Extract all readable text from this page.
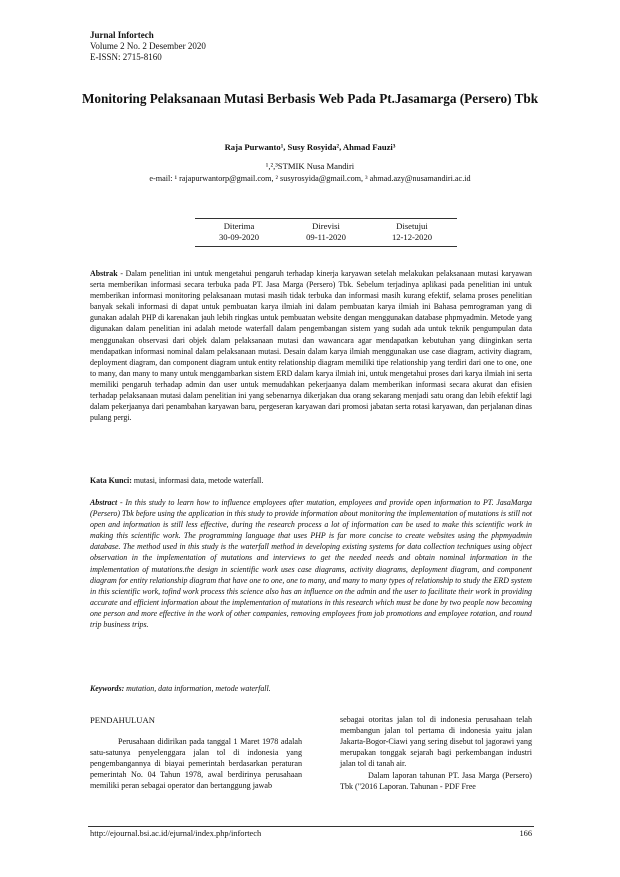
Jurnal Infortech
Volume 2 No. 2 Desember 2020
E-ISSN: 2715-8160
Monitoring Pelaksanaan Mutasi Berbasis Web Pada Pt.Jasamarga (Persero) Tbk
Raja Purwanto¹, Susy Rosyida², Ahmad Fauzi³
¹,²,³STMIK Nusa Mandiri
e-mail: ¹ rajapurwantorp@gmail.com, ² susyrosyida@gmail.com, ³ ahmad.azy@nusamandiri.ac.id
Diterima
30-09-2020
Direvisi
09-11-2020
Disetujui
12-12-2020
Abstrak - Dalam penelitian ini untuk mengetahui pengaruh terhadap kinerja karyawan setelah melakukan pelaksanaan mutasi karyawan serta memberikan informasi secara terbuka pada PT. Jasa Marga (Persero) Tbk. Sebelum terjadinya aplikasi pada penelitian ini untuk memberikan informasi monitoring pelaksanaan mutasi masih tidak terbuka dan informasi masih kurang efektif, selama proses penelitian banyak sekali informasi di dapat untuk pembuatan karya ilmiah ini dalam pembuatan karya ilmiah ini Bahasa pemrograman yang di gunakan adalah PHP di karenakan jauh lebih ringkas untuk pembuatan website dengan menggunakan database phpmyadmin. Metode yang digunakan dalam penelitian ini adalah metode waterfall dalam pengembangan sistem yang sudah ada untuk teknik pengumpulan data menggunakan observasi dari objek dalam pelaksanaan mutasi dan wawancara agar mendapatkan kebutuhan yang diinginkan serta mendapatkan informasi nominal dalam pelaksanaan mutasi. Desain dalam karya ilmiah menggunakan use case diagram, activity diagram, deployment diagram, dan component diagram untuk entity relationship diagram memiliki tipe relationship yang terdiri dari one to one, one to many, dan many to many untuk menggambarkan sistem ERD dalam karya ilmiah ini, untuk mengetahui proses dari karya ilmiah ini serta memiliki pengaruh terhadap admin dan user untuk memudahkan pekerjaanya dalam memberikan informasi secara akurat dan efisien terhadap pelaksanaan mutasi dalam penelitian ini yang sebenarnya dikerjakan dua orang sekarang menjadi satu orang dan lebih efektif lagi dalam pekerjaanya dari penambahan karyawan baru, pergeseran karyawan dari promosi jabatan serta rotasi karyawan, dan perjalanan dinas pulang pergi.
Kata Kunci: mutasi, informasi data, metode waterfall.
Abstract - In this study to learn how to influence employees after mutation, employees and provide open information to PT. JasaMarga (Persero) Tbk before using the application in this study to provide information about monitoring the implementation of mutations is still not open and information is still less effective, during the research process a lot of information can be used to make this scientific work in making this scientific work. The programming language that uses PHP is far more concise to create websites using the phpmyadmin database. The method used in this study is the waterfall method in developing existing systems for data collection techniques using object observation in the implementation of mutations and interviews to get the needed needs and obtain nominal information in the implementation of mutations.the design in scientific work uses case diagrams, activity diagrams, deployment diagram, and component diagram for entity relationship diagram that have one to one, one to many, and many to many types of relationship to study the ERD system in this scientific work, tofind work process this science also has an influence on the admin and the user to facilitate their work in providing accurate and efficient information about the implementation of mutations in this research which must be done by two people now becoming one person and more effective in the work of other companies, removing employees from job promotions and employee rotation, and round trip business trips.
Keywords: mutation, data information, metode waterfall.
PENDAHULUAN
Perusahaan didirikan pada tanggal 1 Maret 1978 adalah satu-satunya penyelenggara jalan tol di indonesia yang pengembangannya di biayai pemerintah berdasarkan peraturan pemerintah No. 04 Tahun 1978, awal berdirinya perusahaan memiliki peran sebagai operator dan bertanggung jawab
sebagai otoritas jalan tol di indonesia perusahaan telah membangun jalan tol pertama di indonesia yaitu jalan Jakarta-Bogor-Ciawi yang sering disebut tol jagorawi yang merupakan tonggak sejarah bagi perkembangan industri jalan tol di tanah air.
Dalam laporan tahunan PT. Jasa Marga (Persero) Tbk ("2016 Laporan. Tahunan - PDF Free
http://ejournal.bsi.ac.id/ejurnal/index.php/infortech	166
